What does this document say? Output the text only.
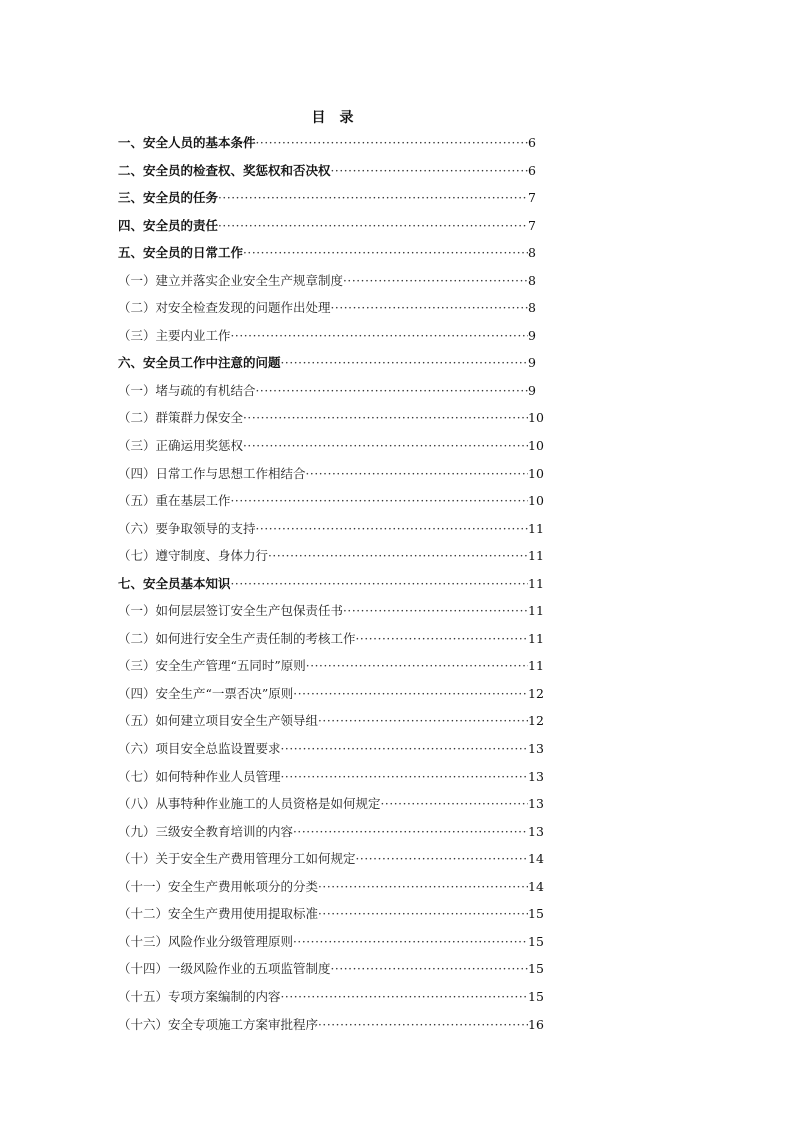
目 录
一、安全人员的基本条件 ·····	6
二、安全员的检查权、奖惩权和否决权 ·····	6
三、安全员的任务 ·····	7
四、安全员的责任 ·····	7
五、安全员的日常工作 ·····	8
（一）建立并落实企业安全生产规章制度 ·····	8
（二）对安全检查发现的问题作出处理 ·····	8
（三）主要内业工作 ·····	9
六、安全员工作中注意的问题 ·····	9
（一）堵与疏的有机结合 ·····	9
（二）群策群力保安全 ·····	10
（三）正确运用奖惩权 ·····	10
（四）日常工作与思想工作相结合 ·····	10
（五）重在基层工作 ·····	10
（六）要争取领导的支持 ·····	11
（七）遵守制度、身体力行 ·····	11
七、安全员基本知识 ·····	11
（一）如何层层签订安全生产包保责任书 ·····	11
（二）如何进行安全生产责任制的考核工作 ·····	11
（三）安全生产管理“五同时”原则 ·····	11
（四）安全生产“一票否决”原则 ·····	12
（五）如何建立项目安全生产领导组 ·····	12
（六）项目安全总监设置要求 ·····	13
（七）如何特种作业人员管理 ·····	13
（八）从事特种作业施工的人员资格是如何规定 ·····	13
（九）三级安全教育培训的内容 ·····	13
（十）关于安全生产费用管理分工如何规定 ·····	14
（十一）安全生产费用帐项分的分类 ·····	14
（十二）安全生产费用使用提取标准 ·····	15
（十三）风险作业分级管理原则 ·····	15
（十四）一级风险作业的五项监管制度 ·····	15
（十五）专项方案编制的内容 ·····	15
（十六）安全专项施工方案审批程序 ·····	16
